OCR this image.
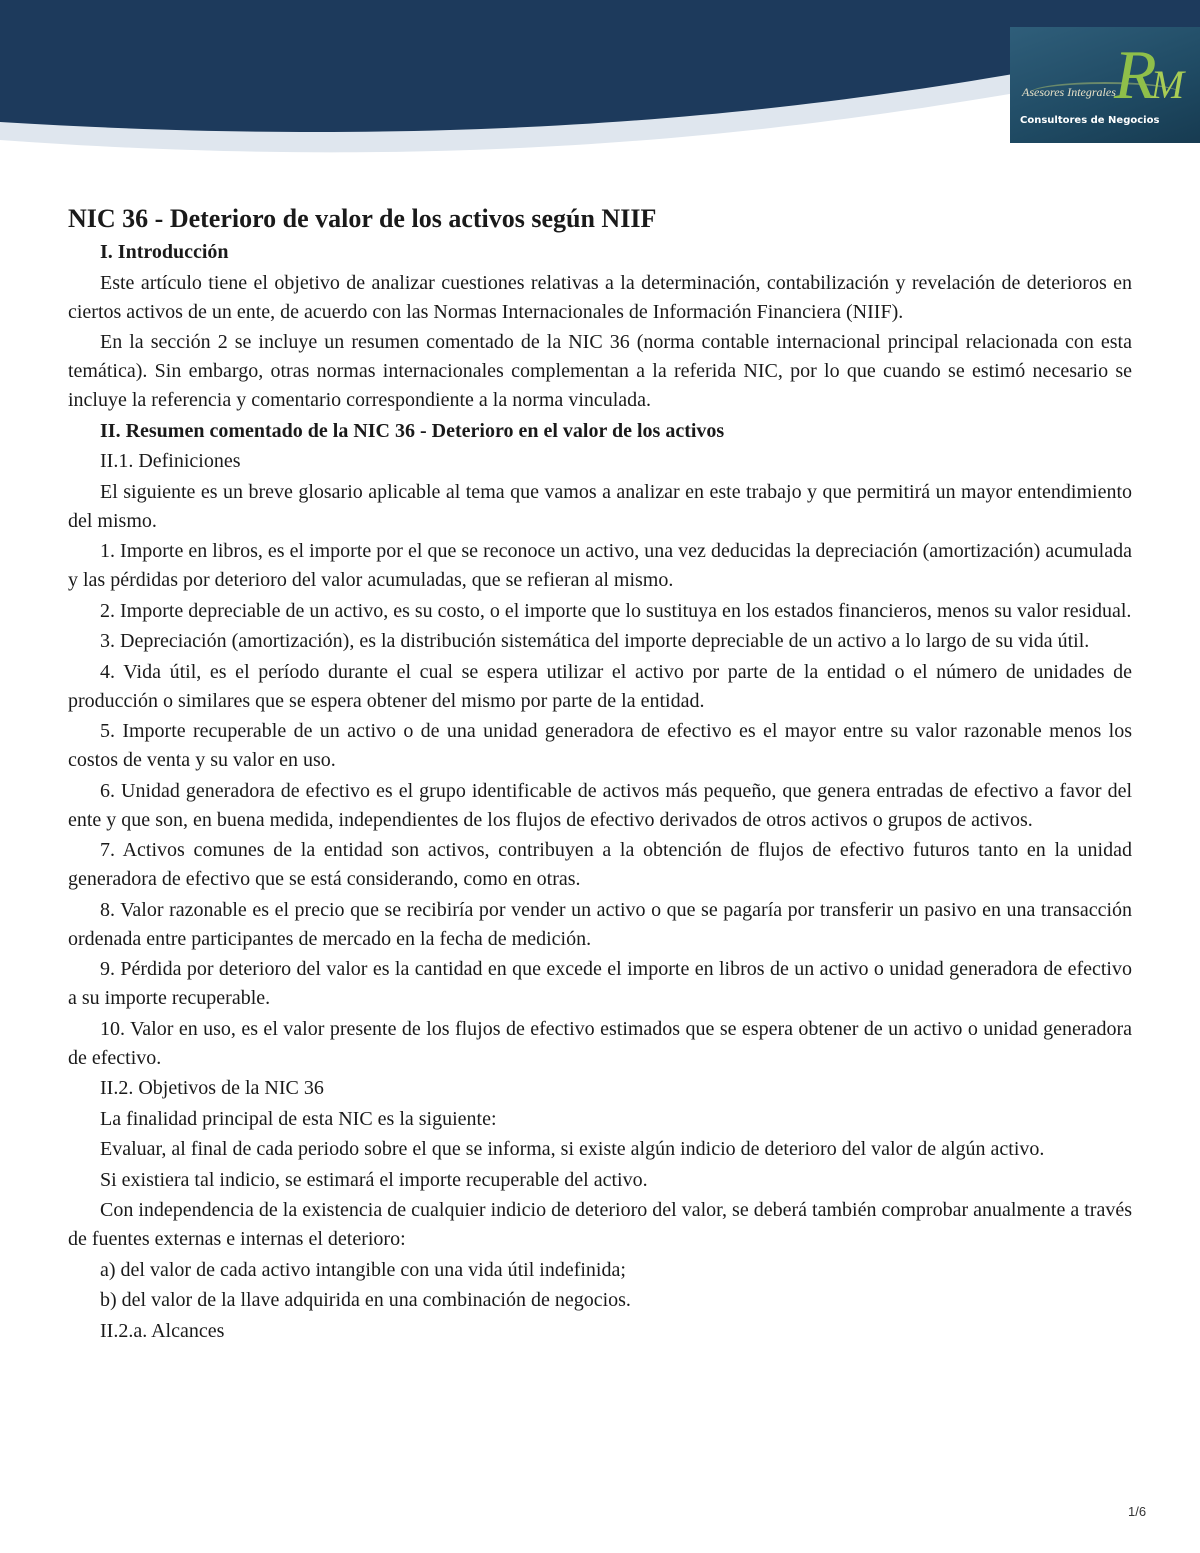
Asesores Integrales
RM
Consultores de Negocios
NIC 36 - Deterioro de valor de los activos según NIIF

I. Introducción

Este artículo tiene el objetivo de analizar cuestiones relativas a la determinación, contabilización y revelación de deterioros en ciertos activos de un ente, de acuerdo con las Normas Internacionales de Información Financiera (NIIF).

En la sección 2 se incluye un resumen comentado de la NIC 36 (norma contable internacional principal relacionada con esta temática). Sin embargo, otras normas internacionales complementan a la referida NIC, por lo que cuando se estimó necesario se incluye la referencia y comentario correspondiente a la norma vinculada.

II. Resumen comentado de la NIC 36 - Deterioro en el valor de los activos

II.1. Definiciones

El siguiente es un breve glosario aplicable al tema que vamos a analizar en este trabajo y que permitirá un mayor entendimiento del mismo.

1. Importe en libros, es el importe por el que se reconoce un activo, una vez deducidas la depreciación (amortización) acumulada y las pérdidas por deterioro del valor acumuladas, que se refieran al mismo.

2. Importe depreciable de un activo, es su costo, o el importe que lo sustituya en los estados financieros, menos su valor residual.

3. Depreciación (amortización), es la distribución sistemática del importe depreciable de un activo a lo largo de su vida útil.

4. Vida útil, es el período durante el cual se espera utilizar el activo por parte de la entidad o el número de unidades de producción o similares que se espera obtener del mismo por parte de la entidad.

5. Importe recuperable de un activo o de una unidad generadora de efectivo es el mayor entre su valor razonable menos los costos de venta y su valor en uso.

6. Unidad generadora de efectivo es el grupo identificable de activos más pequeño, que genera entradas de efectivo a favor del ente y que son, en buena medida, independientes de los flujos de efectivo derivados de otros activos o grupos de activos.

7. Activos comunes de la entidad son activos, contribuyen a la obtención de flujos de efectivo futuros tanto en la unidad generadora de efectivo que se está considerando, como en otras.

8. Valor razonable es el precio que se recibiría por vender un activo o que se pagaría por transferir un pasivo en una transacción ordenada entre participantes de mercado en la fecha de medición.

9. Pérdida por deterioro del valor es la cantidad en que excede el importe en libros de un activo o unidad generadora de efectivo a su importe recuperable.

10. Valor en uso, es el valor presente de los flujos de efectivo estimados que se espera obtener de un activo o unidad generadora de efectivo.

II.2. Objetivos de la NIC 36

La finalidad principal de esta NIC es la siguiente:

Evaluar, al final de cada periodo sobre el que se informa, si existe algún indicio de deterioro del valor de algún activo.

Si existiera tal indicio, se estimará el importe recuperable del activo.

Con independencia de la existencia de cualquier indicio de deterioro del valor, se deberá también comprobar anualmente a través de fuentes externas e internas el deterioro:

a) del valor de cada activo intangible con una vida útil indefinida;

b) del valor de la llave adquirida en una combinación de negocios.

II.2.a. Alcances

1/6
